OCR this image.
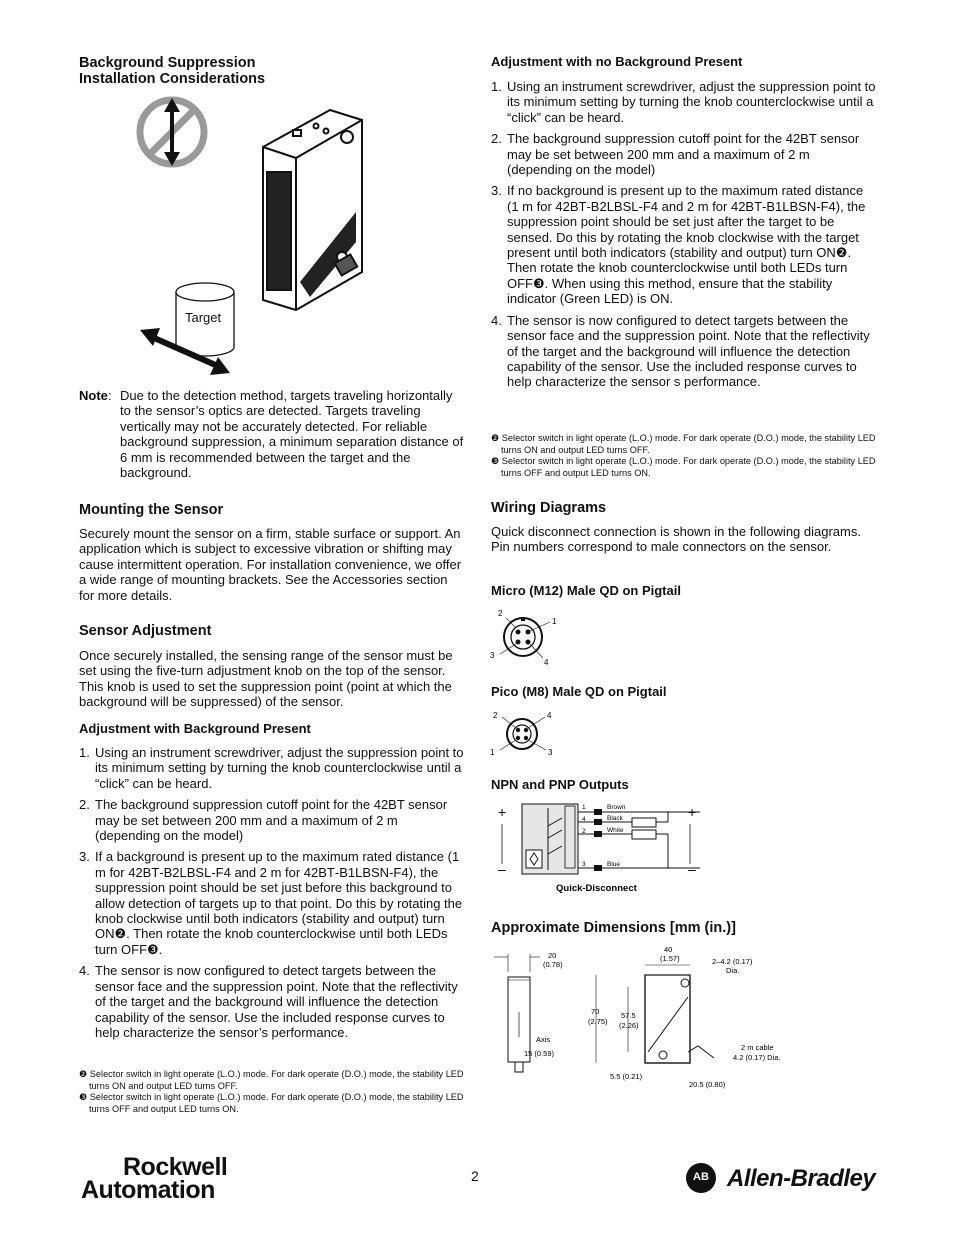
Background Suppression
Installation Considerations
Target
Note : Due to the detection method, targets traveling horizontally to the sensor’s optics are detected. Targets traveling vertically may not be accurately detected. For reliable background suppression, a minimum separation distance of 6 mm is recommended between the target and the background.
Mounting the Sensor
Securely mount the sensor on a firm, stable surface or support. An application which is subject to excessive vibration or shifting may cause intermittent operation. For installation convenience, we offer a wide range of mounting brackets. See the Accessories section for more details.
Sensor Adjustment
Once securely installed, the sensing range of the sensor must be set using the five-turn adjustment knob on the top of the sensor. This knob is used to set the suppression point (point at which the background will be suppressed) of the sensor.
Adjustment with Background Present
1. Using an instrument screwdriver, adjust the suppression point to its minimum setting by turning the knob counterclockwise until a “click” can be heard.
2. The background suppression cutoff point for the 42BT sensor may be set between 200 mm and a maximum of 2 m (depending on the model)
3. If a background is present up to the maximum rated distance (1 m for 42BT‑B2LBSL‑F4 and 2 m for 42BT‑B1LBSN‑F4), the suppression point should be set just before this background to allow detection of targets up to that point. Do this by rotating the knob clockwise until both indicators (stability and output) turn ON❷. Then rotate the knob counterclockwise until both LEDs turn OFF❸.
4. The sensor is now configured to detect targets between the sensor face and the suppression point. Note that the reflectivity of the target and the background will influence the detection capability of the sensor. Use the included response curves to help characterize the sensor’s performance.
❷ Selector switch in light operate (L.O.) mode. For dark operate (D.O.) mode, the stability LED turns ON and output LED turns OFF.
❸ Selector switch in light operate (L.O.) mode. For dark operate (D.O.) mode, the stability LED turns OFF and output LED turns ON.
Adjustment with no Background Present
1. Using an instrument screwdriver, adjust the suppression point to its minimum setting by turning the knob counterclockwise until a “click” can be heard.
2. The background suppression cutoff point for the 42BT sensor may be set between 200 mm and a maximum of 2 m (depending on the model)
3. If no background is present up to the maximum rated distance (1 m for 42BT‑B2LBSL‑F4 and 2 m for 42BT‑B1LBSN‑F4), the suppression point should be set just after the target to be sensed. Do this by rotating the knob clockwise with the target present until both indicators (stability and output) turn ON❷. Then rotate the knob counterclockwise until both LEDs turn OFF❸. When using this method, ensure that the stability indicator (Green LED) is ON.
4. The sensor is now configured to detect targets between the sensor face and the suppression point. Note that the reflectivity of the target and the background will influence the detection capability of the sensor. Use the included response curves to help characterize the sensor s performance.
❷ Selector switch in light operate (L.O.) mode. For dark operate (D.O.) mode, the stability LED turns ON and output LED turns OFF.
❸ Selector switch in light operate (L.O.) mode. For dark operate (D.O.) mode, the stability LED turns OFF and output LED turns ON.
Wiring Diagrams
Quick disconnect connection is shown in the following diagrams. Pin numbers correspond to male connectors on the sensor.
Micro (M12) Male QD on Pigtail
2
1
3
4
Pico (M8) Male QD on Pigtail
2	4
1	3
NPN and PNP Outputs
+
–
+
–
1
4
2
3
Brown
Black
White
Blue
Quick-Disconnect
Approximate Dimensions [mm (in.)]
20
(0.78)
Axis
15 (0.59)
40
(1.57)	2–4.2 (0.17)
Dia.
70
(2.75)
57.5
(2.26)
2 m cable
4.2 (0.17) Dia.
5.5 (0.21)
20.5 (0.80)
Rockwell
Automation	2	AB Allen-Bradley
